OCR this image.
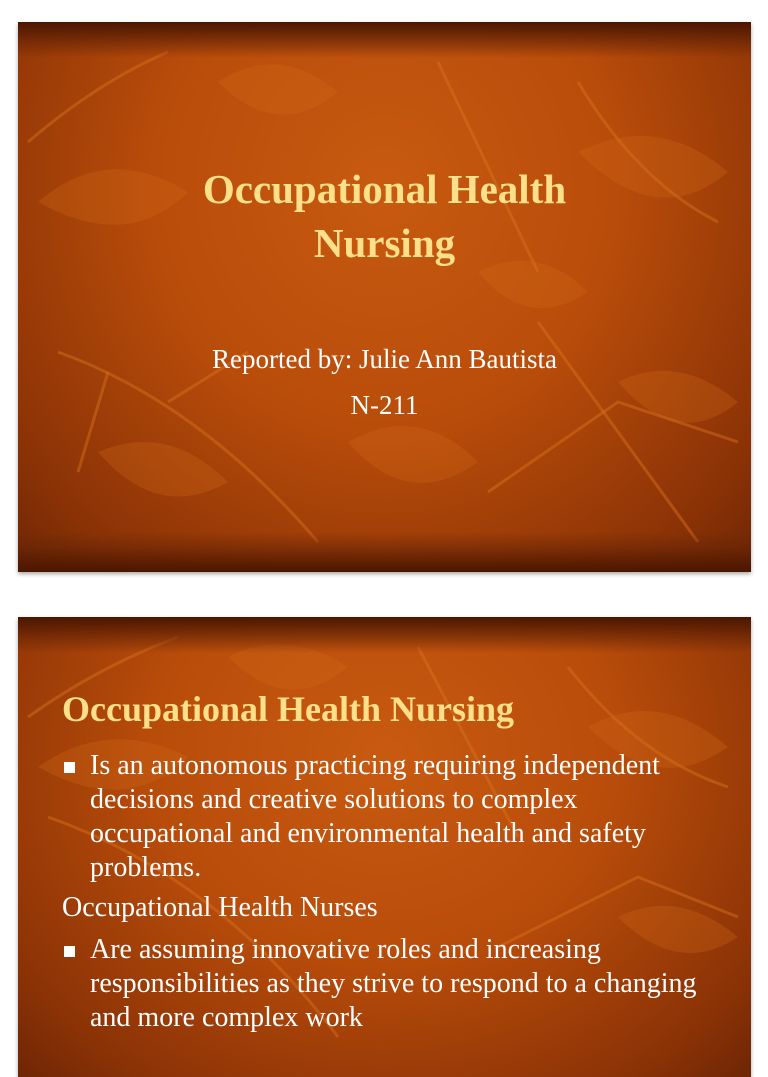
Occupational Health
Nursing
Reported by: Julie Ann Bautista
N-211
Occupational Health Nursing
Is an autonomous practicing requiring independent decisions and creative solutions to complex occupational and environmental health and safety problems.
Occupational Health Nurses
Are assuming innovative roles and increasing responsibilities as they strive to respond to a changing and more complex work
